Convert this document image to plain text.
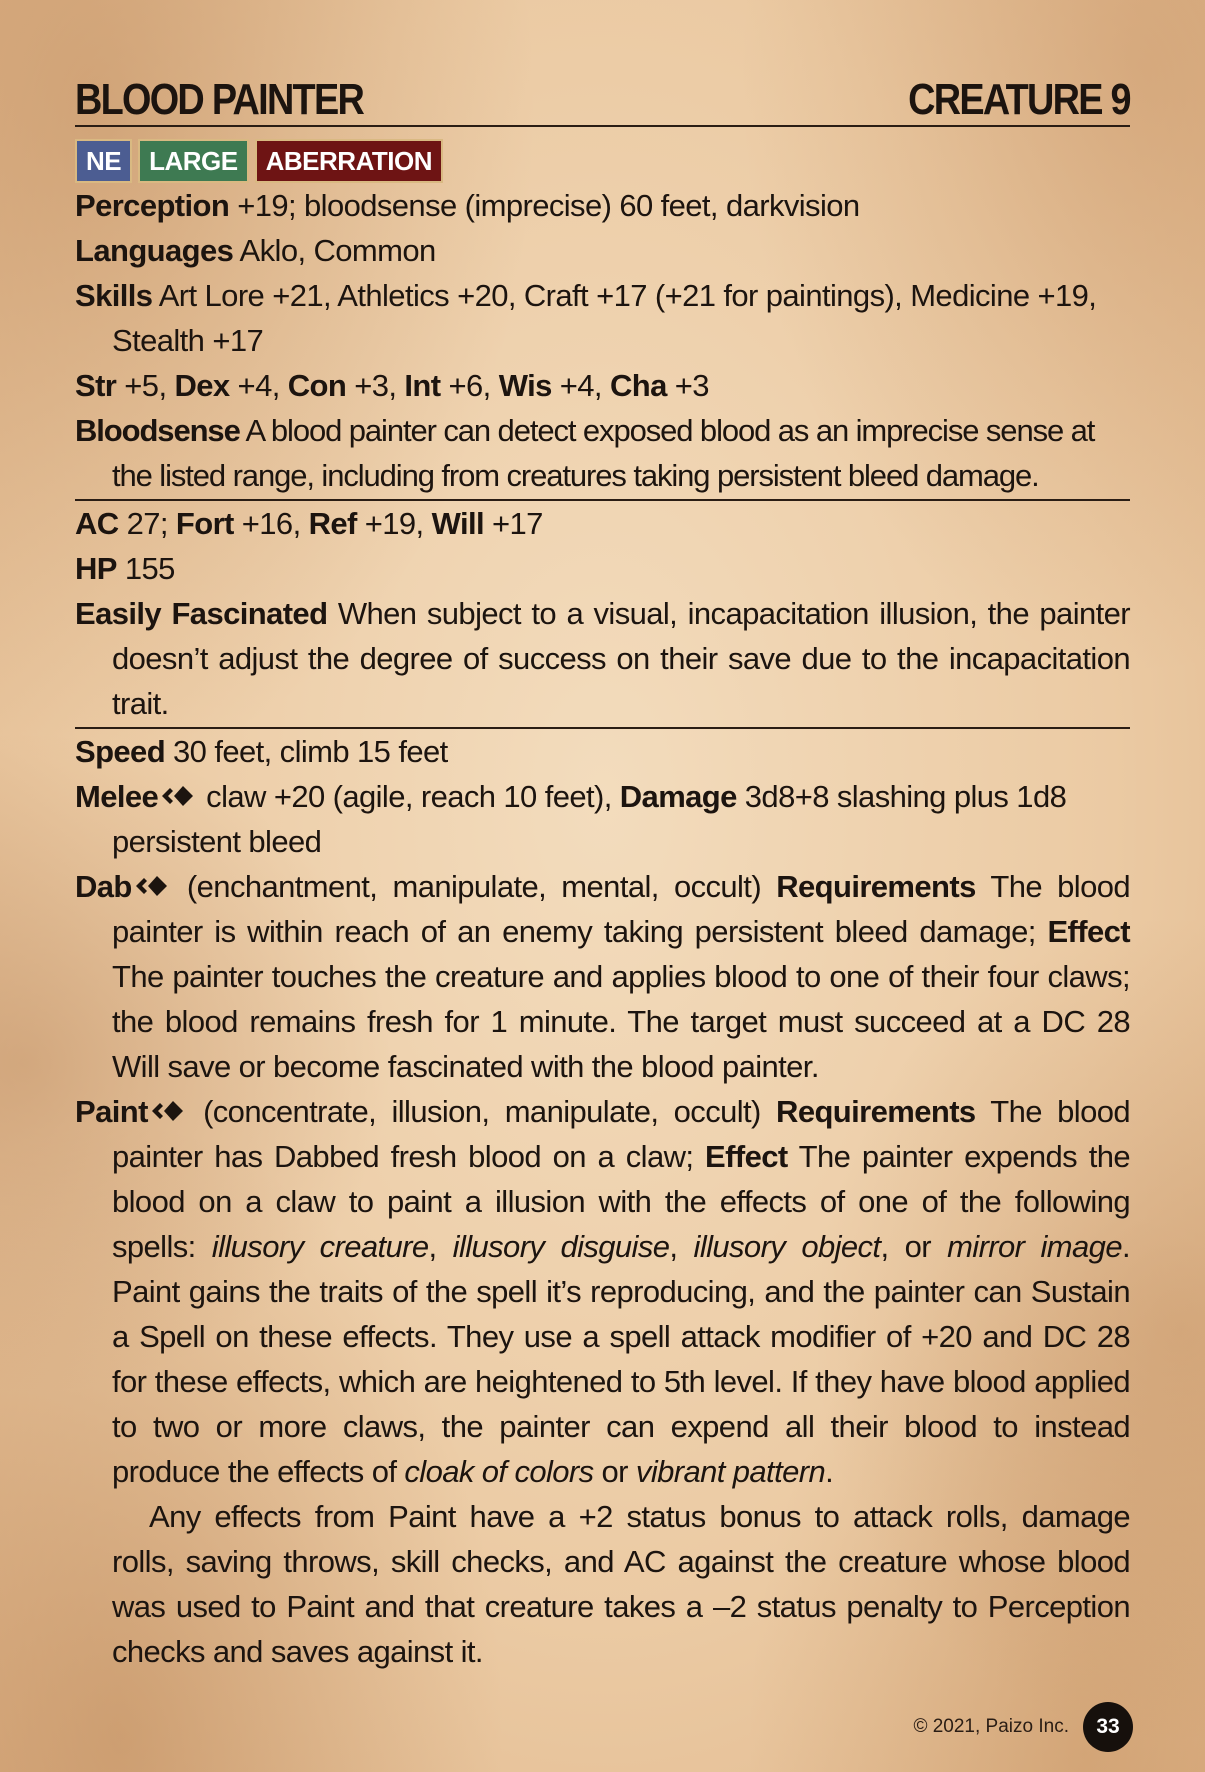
BLOOD PAINTER	CREATURE 9
NE	LARGE	ABERRATION

Perception +19; bloodsense (imprecise) 60 feet, darkvision

Languages Aklo, Common

Skills Art Lore +21, Athletics +20, Craft +17 (+21 for paintings), Medicine +19, Stealth +17

Str +5, Dex +4, Con +3, Int +6, Wis +4, Cha +3

Bloodsense A blood painter can detect exposed blood as an imprecise sense at the listed range, including from creatures taking persistent bleed damage.

AC 27; Fort +16, Ref +19, Will +17

HP 155

Easily Fascinated When subject to a visual, incapacitation illusion, the painter doesn’t adjust the degree of success on their save due to the incapacitation trait.

Speed 30 feet, climb 15 feet

Melee claw +20 (agile, reach 10 feet), Damage 3d8+8 slashing plus 1d8 persistent bleed

Dab (enchantment, manipulate, mental, occult) Requirements The blood painter is within reach of an enemy taking persistent bleed damage; Effect The painter touches the creature and applies blood to one of their four claws; the blood remains fresh for 1 minute. The target must succeed at a DC 28 Will save or become fascinated with the blood painter.

Paint (concentrate, illusion, manipulate, occult) Requirements The blood painter has Dabbed fresh blood on a claw; Effect The painter expends the blood on a claw to paint a illusion with the effects of one of the following spells: illusory creature, illusory disguise, illusory object, or mirror image. Paint gains the traits of the spell it’s reproducing, and the painter can Sustain a Spell on these effects. They use a spell attack modifier of +20 and DC 28 for these effects, which are heightened to 5th level. If they have blood applied to two or more claws, the painter can expend all their blood to instead produce the effects of cloak of colors or vibrant pattern.

Any effects from Paint have a +2 status bonus to attack rolls, damage rolls, saving throws, skill checks, and AC against the creature whose blood was used to Paint and that creature takes a –2 status penalty to Perception checks and saves against it.

© 2021, Paizo Inc.	33
